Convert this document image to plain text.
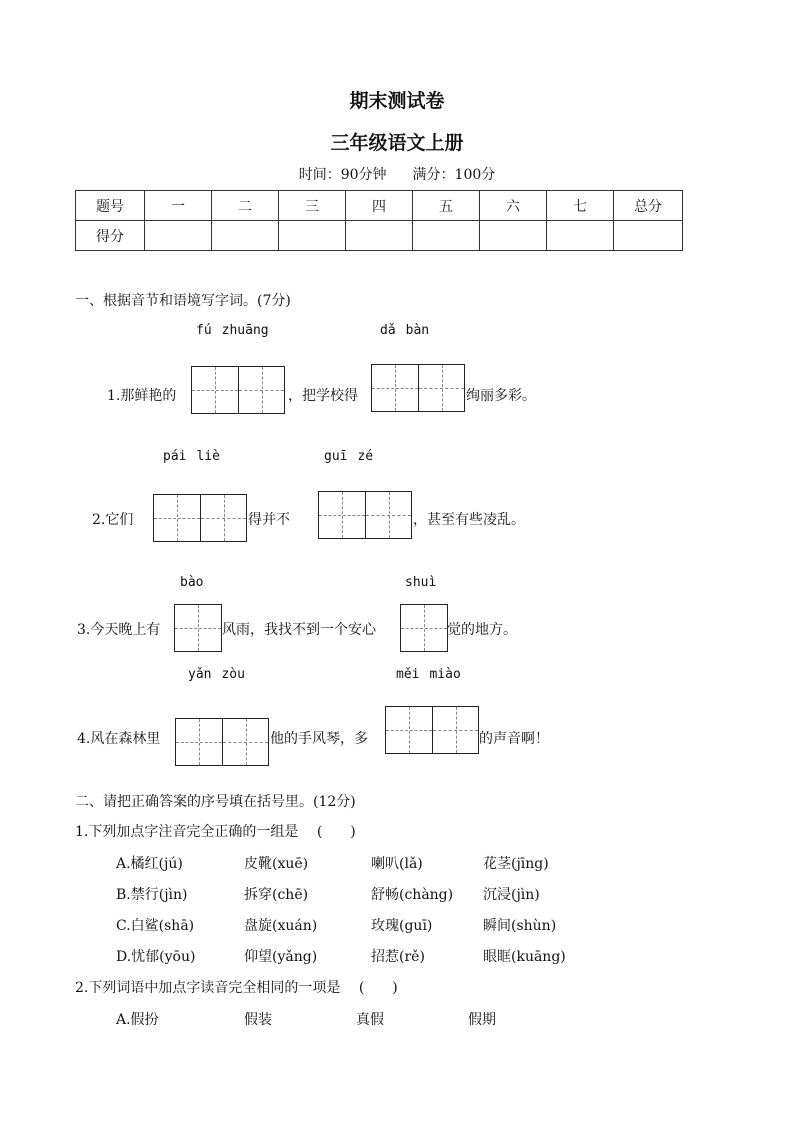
期末测试卷
三年级语文上册
时间：90分钟 满分：100分
题号	一	二	三	四	五	六	七	总分
得分								
一、根据音节和语境写字词。(7分)
fú zhuāng	dǎ bàn
1.那鲜艳的	，把学校得	绚丽多彩。
pái liè	guī zé
2.它们	得并不	，甚至有些凌乱。
bào	shuì
3.今天晚上有	风雨，我找不到一个安心	觉的地方。
yǎn zòu	měi miào
4.风在森林里	他的手风琴，多	的声音啊！
二、请把正确答案的序号填在括号里。(12分)
1.下列加点字注音完全正确的一组是 (　　)
A.橘红(jú)	皮靴(xuē)	喇叭(lǎ)	花茎(jīng)
B.禁行(jìn)	拆穿(chē)	舒畅(chàng) 沉浸(jìn)
C.白鲨(shā)	盘旋(xuán)	玫瑰(guī)	瞬间(shùn)
D.忧郁(yōu)	仰望(yǎng)	招惹(rě)	眼眶(kuāng)
2.下列词语中加点字读音完全相同的一项是 (　　)
A.假扮	假装	真假	假期
